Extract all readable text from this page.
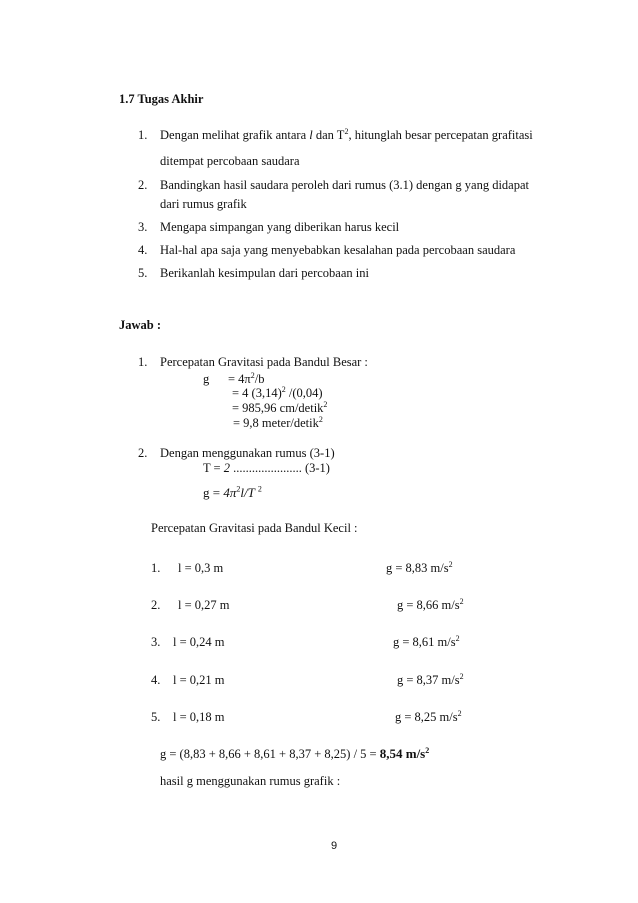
1.7 Tugas Akhir
1. Dengan melihat grafik antara l dan $T^2$, hitunglah besar percepatan grafitasi
ditempat percobaan saudara
2. Bandingkan hasil saudara peroleh dari rumus (3.1) dengan g yang didapat
dari rumus grafik
3. Mengapa simpangan yang diberikan harus kecil
4. Hal-hal apa saja yang menyebabkan kesalahan pada percobaan saudara
5. Berikanlah kesimpulan dari percobaan ini
Jawab :
1. Percepatan Gravitasi pada Bandul Besar :
$g = 4\pi^2/b$
= 4 $(3,14)^2$ /(0,04)
= 985,96 cm/detik$^2$
= 9,8 meter/detik$^2$
2. Dengan menggunakan rumus (3-1)
T = 2 ...................... (3-1)
$g = 4\pi^2l/T$ $^2$
Percepatan Gravitasi pada Bandul Kecil :
1. l = 0,3 m	g = 8,83 $m/s^2$
2. l = 0,27 m	g = 8,66 $m/s^2$
3. l = 0,24 m	g = 8,61 $m/s^2$
4. l = 0,21 m	g = 8,37 $m/s^2$
5. l = 0,18 m	g = 8,25 $m/s^2$
g = (8,83 + 8,66 + 8,61 + 8,37 + 8,25) / 5 = 8,54 $m/s^2$
hasil g menggunakan rumus grafik :
9
